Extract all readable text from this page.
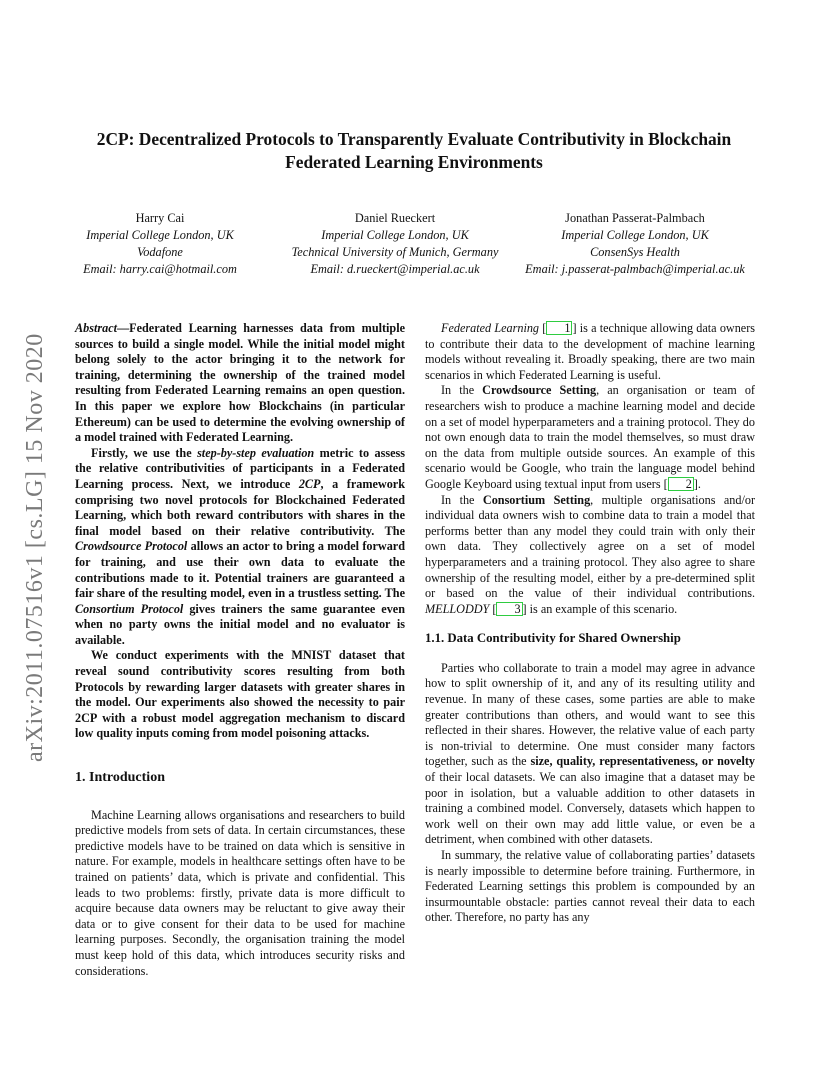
arXiv:2011.07516v1 [cs.LG] 15 Nov 2020
2CP: Decentralized Protocols to Transparently Evaluate Contributivity in Blockchain Federated Learning Environments
Harry Cai
Imperial College London, UK
Vodafone
Email: harry.cai@hotmail.com
Daniel Rueckert
Imperial College London, UK
Technical University of Munich, Germany
Email: d.rueckert@imperial.ac.uk
Jonathan Passerat-Palmbach
Imperial College London, UK
ConsenSys Health
Email: j.passerat-palmbach@imperial.ac.uk

Abstract—Federated Learning harnesses data from multiple sources to build a single model. While the initial model might belong solely to the actor bringing it to the network for training, determining the ownership of the trained model resulting from Federated Learning remains an open question. In this paper we explore how Blockchains (in particular Ethereum) can be used to determine the evolving ownership of a model trained with Federated Learning.

Firstly, we use the step-by-step evaluation metric to assess the relative contributivities of participants in a Federated Learning process. Next, we introduce 2CP, a framework comprising two novel protocols for Blockchained Federated Learning, which both reward contributors with shares in the final model based on their relative contributivity. The Crowdsource Protocol allows an actor to bring a model forward for training, and use their own data to evaluate the contributions made to it. Potential trainers are guaranteed a fair share of the resulting model, even in a trustless setting. The Consortium Protocol gives trainers the same guarantee even when no party owns the initial model and no evaluator is available.

We conduct experiments with the MNIST dataset that reveal sound contributivity scores resulting from both Protocols by rewarding larger datasets with greater shares in the model. Our experiments also showed the necessity to pair 2CP with a robust model aggregation mechanism to discard low quality inputs coming from model poisoning attacks.

1. Introduction

Machine Learning allows organisations and researchers to build predictive models from sets of data. In certain circumstances, these predictive models have to be trained on data which is sensitive in nature. For example, models in healthcare settings often have to be trained on patients’ data, which is private and confidential. This leads to two problems: firstly, private data is more difficult to acquire because data owners may be reluctant to give away their data or to give consent for their data to be used for machine learning purposes. Secondly, the organisation training the model must keep hold of this data, which introduces security risks and considerations.

Federated Learning [ 1 ] is a technique allowing data owners to contribute their data to the development of machine learning models without revealing it. Broadly speaking, there are two main scenarios in which Federated Learning is useful.

In the Crowdsource Setting, an organisation or team of researchers wish to produce a machine learning model and decide on a set of model hyperparameters and a training protocol. They do not own enough data to train the model themselves, so must draw on the data from multiple outside sources. An example of this scenario would be Google, who train the language model behind Google Keyboard using textual input from users [ 2 ].

In the Consortium Setting, multiple organisations and/or individual data owners wish to combine data to train a model that performs better than any model they could train with only their own data. They collectively agree on a set of model hyperparameters and a training protocol. They also agree to share ownership of the resulting model, either by a pre-determined split or based on the value of their individual contributions. MELLODDY [ 3 ] is an example of this scenario.

1.1. Data Contributivity for Shared Ownership

Parties who collaborate to train a model may agree in advance how to split ownership of it, and any of its resulting utility and revenue. In many of these cases, some parties are able to make greater contributions than others, and would want to see this reflected in their shares. However, the relative value of each party is non-trivial to determine. One must consider many factors together, such as the size, quality, representativeness, or novelty of their local datasets. We can also imagine that a dataset may be poor in isolation, but a valuable addition to other datasets in training a combined model. Conversely, datasets which happen to work well on their own may add little value, or even be a detriment, when combined with other datasets.

In summary, the relative value of collaborating parties’ datasets is nearly impossible to determine before training. Furthermore, in Federated Learning settings this problem is compounded by an insurmountable obstacle: parties cannot reveal their data to each other. Therefore, no party has any
